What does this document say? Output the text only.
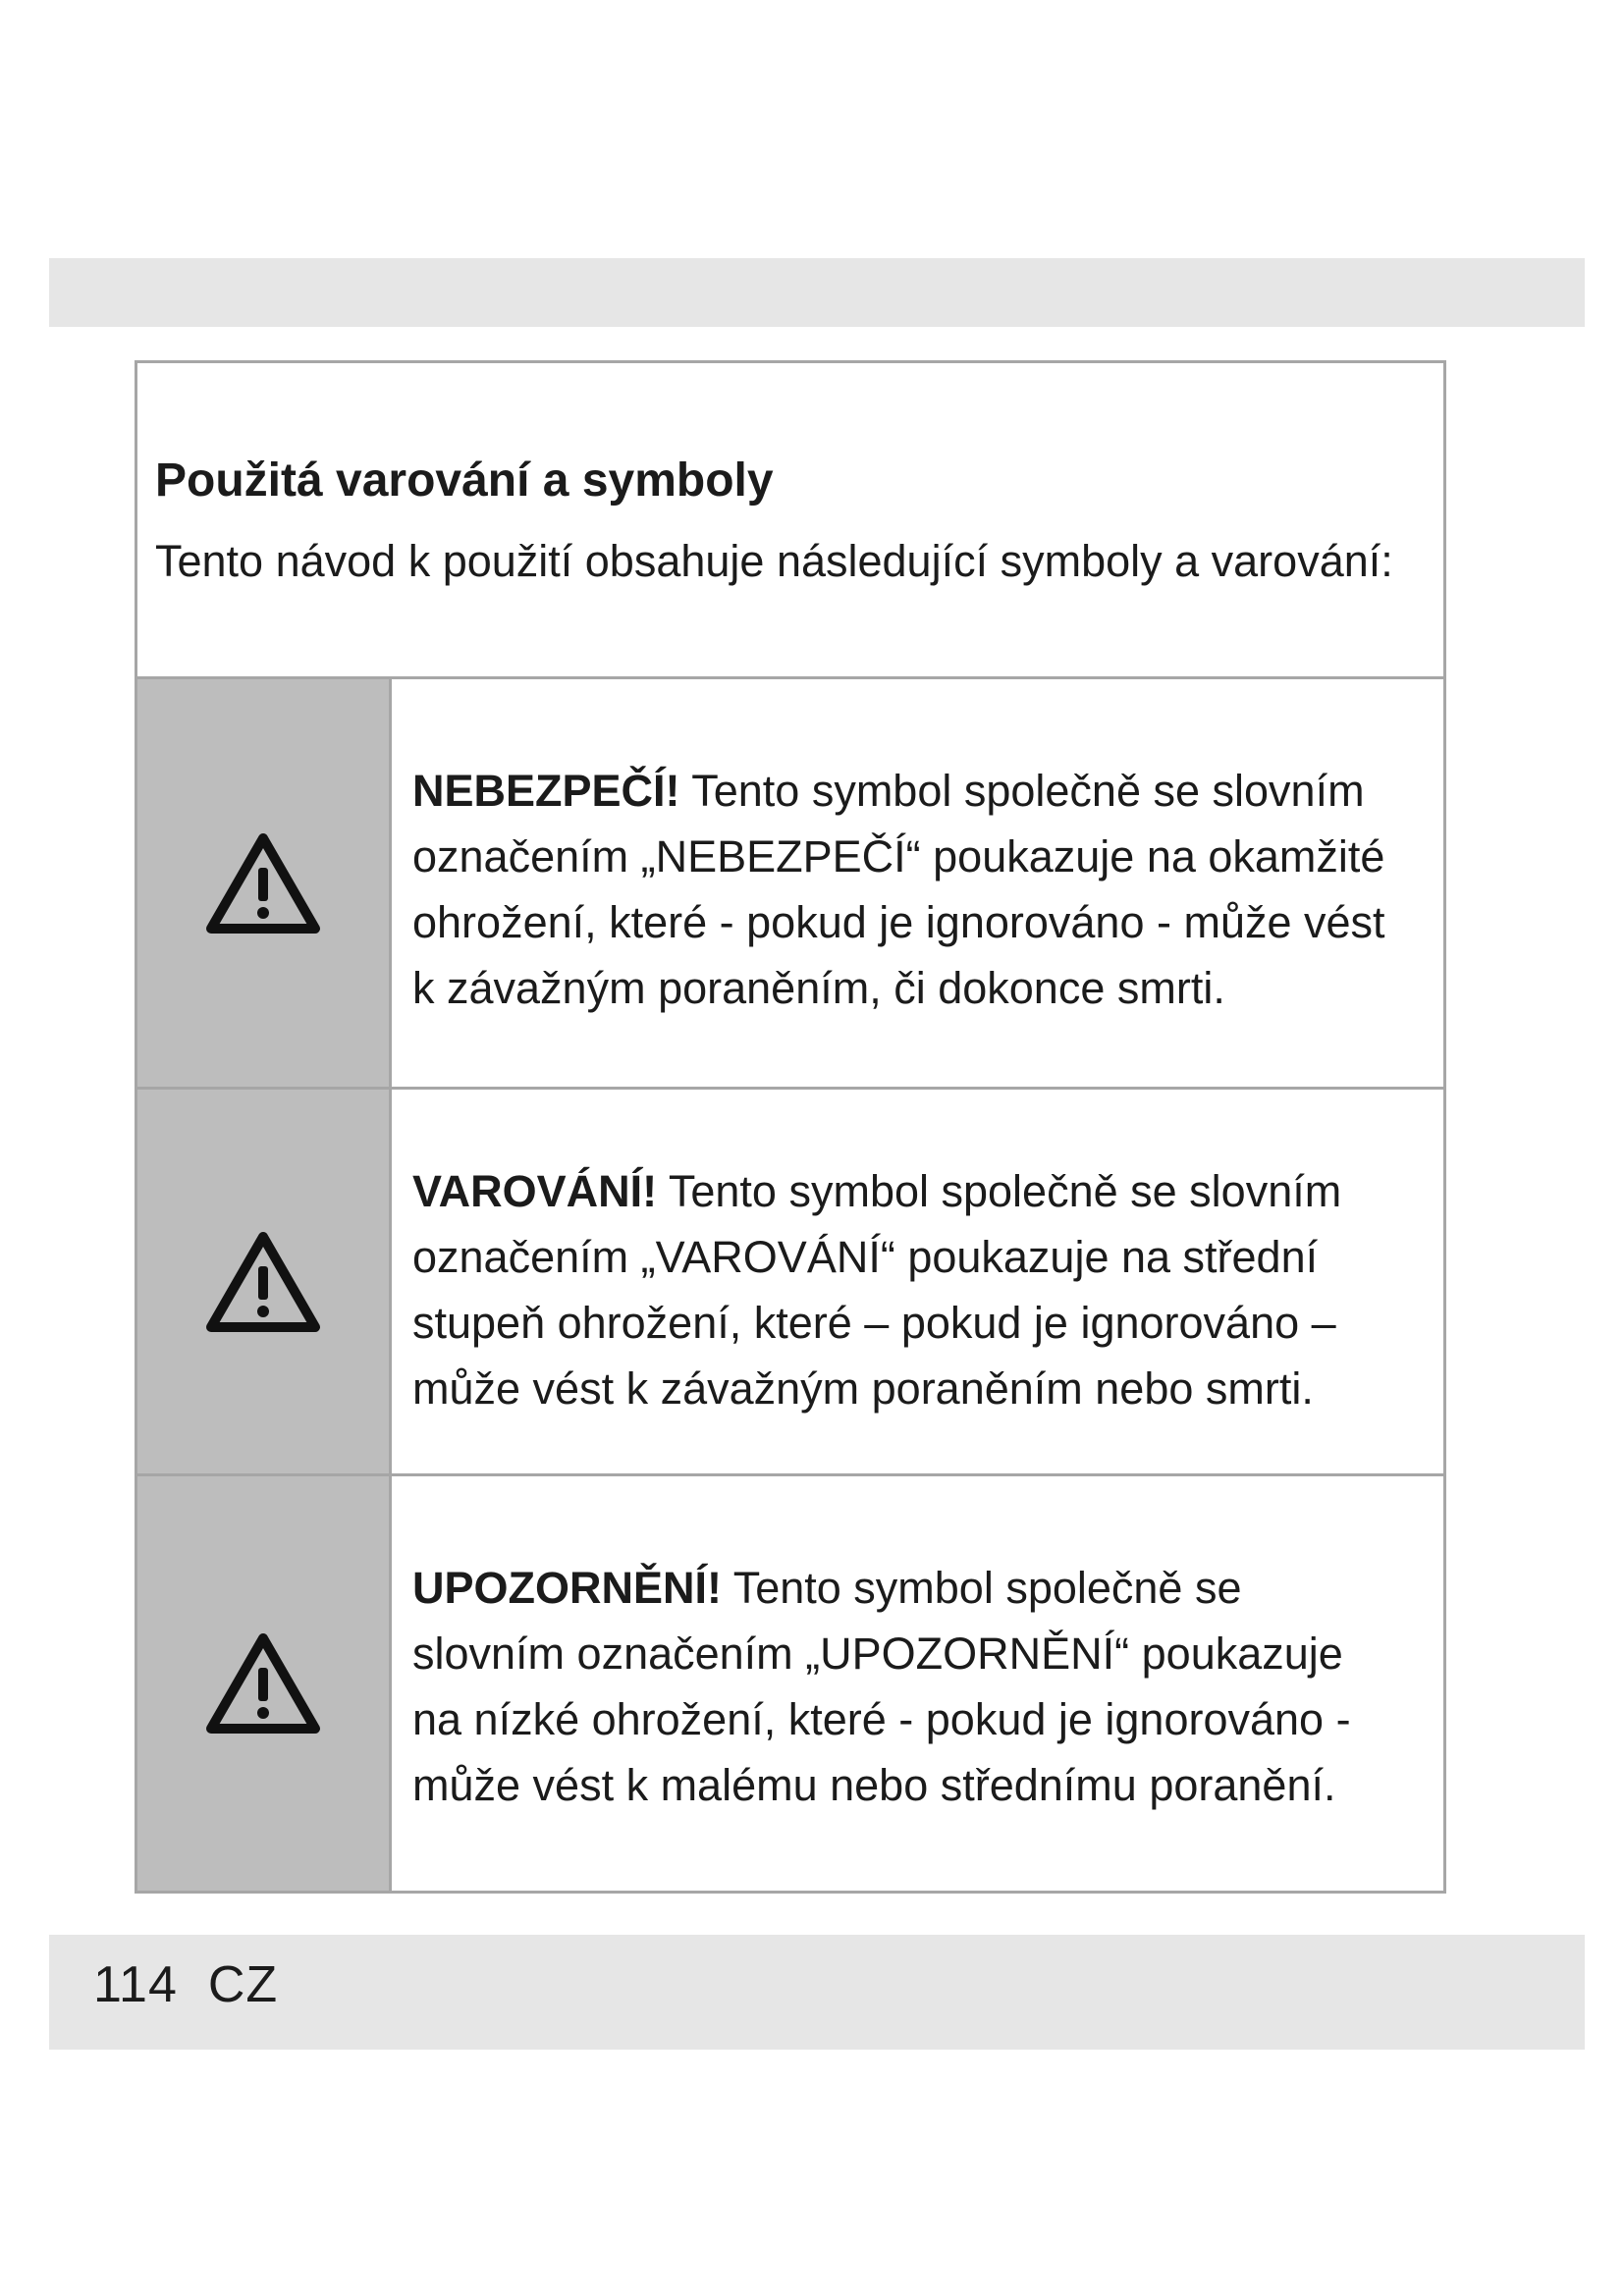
Použitá varování a symboly
Tento návod k použití obsahuje následující symboly a varování:
NEBEZPEČÍ! Tento symbol společně se slovním
označením „NEBEZPEČÍ“ poukazuje na okamžité
ohrožení, které - pokud je ignorováno - může vést
k závažným poraněním, či dokonce smrti.
VAROVÁNÍ! Tento symbol společně se slovním
označením „VAROVÁNÍ“ poukazuje na střední
stupeň ohrožení, které – pokud je ignorováno –
může vést k závažným poraněním nebo smrti.
UPOZORNĚNÍ! Tento symbol společně se
slovním označením „UPOZORNĚNÍ“ poukazuje
na nízké ohrožení, které - pokud je ignorováno -
může vést k malému nebo střednímu poranění.
114 CZ
